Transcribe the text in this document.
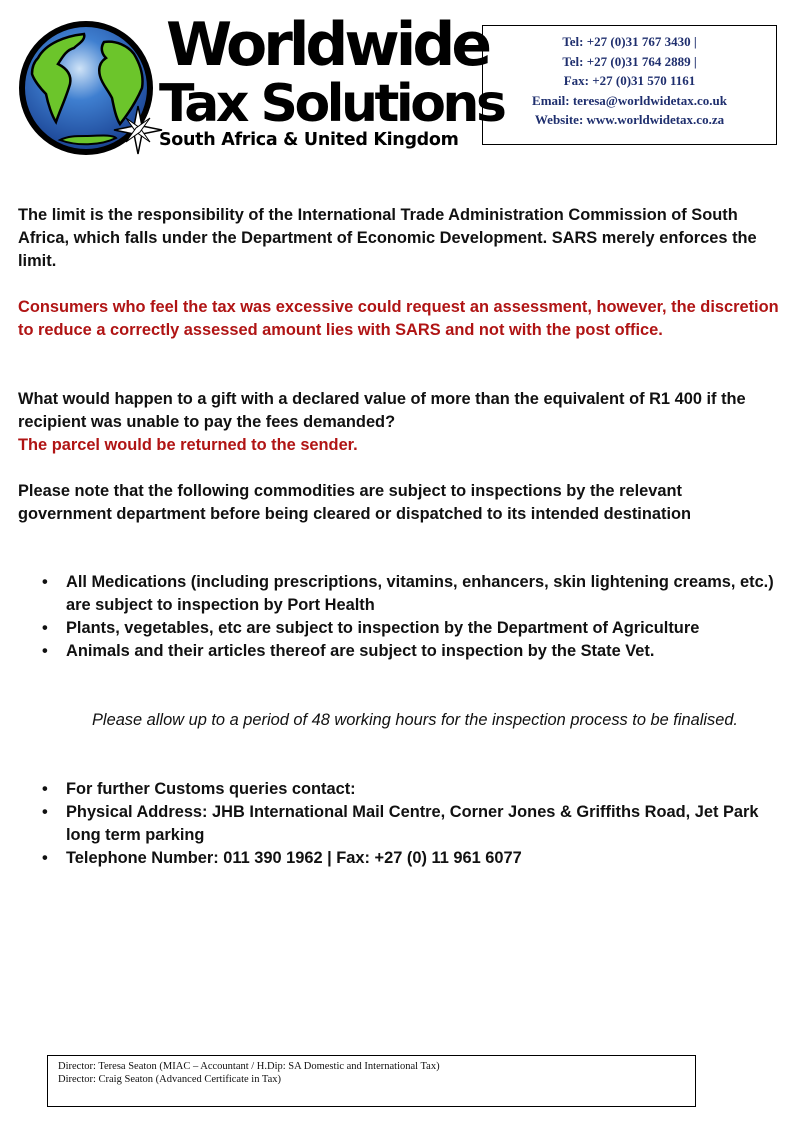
Worldwide
Tax Solutions
South Africa & United Kingdom
Tel: +27 (0)31 767 3430 |
Tel: +27 (0)31 764 2889 |
Fax: +27 (0)31 570 1161
Email: teresa@worldwidetax.co.uk
Website: www.worldwidetax.co.za

The limit is the responsibility of the International Trade Administration Commission of South Africa, which falls under the Department of Economic Development. SARS merely enforces the limit.

Consumers who feel the tax was excessive could request an assessment, however, the discretion to reduce a correctly assessed amount lies with SARS and not with the post office.

What would happen to a gift with a declared value of more than the equivalent of R1 400 if the recipient was unable to pay the fees demanded?

The parcel would be returned to the sender.

Please note that the following commodities are subject to inspections by the relevant government department before being cleared or dispatched to its intended destination

• All Medications (including prescriptions, vitamins, enhancers, skin lightening creams, etc.) are subject to inspection by Port Health
• Plants, vegetables, etc are subject to inspection by the Department of Agriculture
• Animals and their articles thereof are subject to inspection by the State Vet.
Please allow up to a period of 48 working hours for the inspection process to be finalised.
• For further Customs queries contact:
• Physical Address: JHB International Mail Centre, Corner Jones & Griffiths Road, Jet Park long term parking
• Telephone Number: 011 390 1962 | Fax: +27 (0) 11 961 6077
Director: Teresa Seaton (MIAC – Accountant / H.Dip: SA Domestic and International Tax)
Director: Craig Seaton (Advanced Certificate in Tax)
